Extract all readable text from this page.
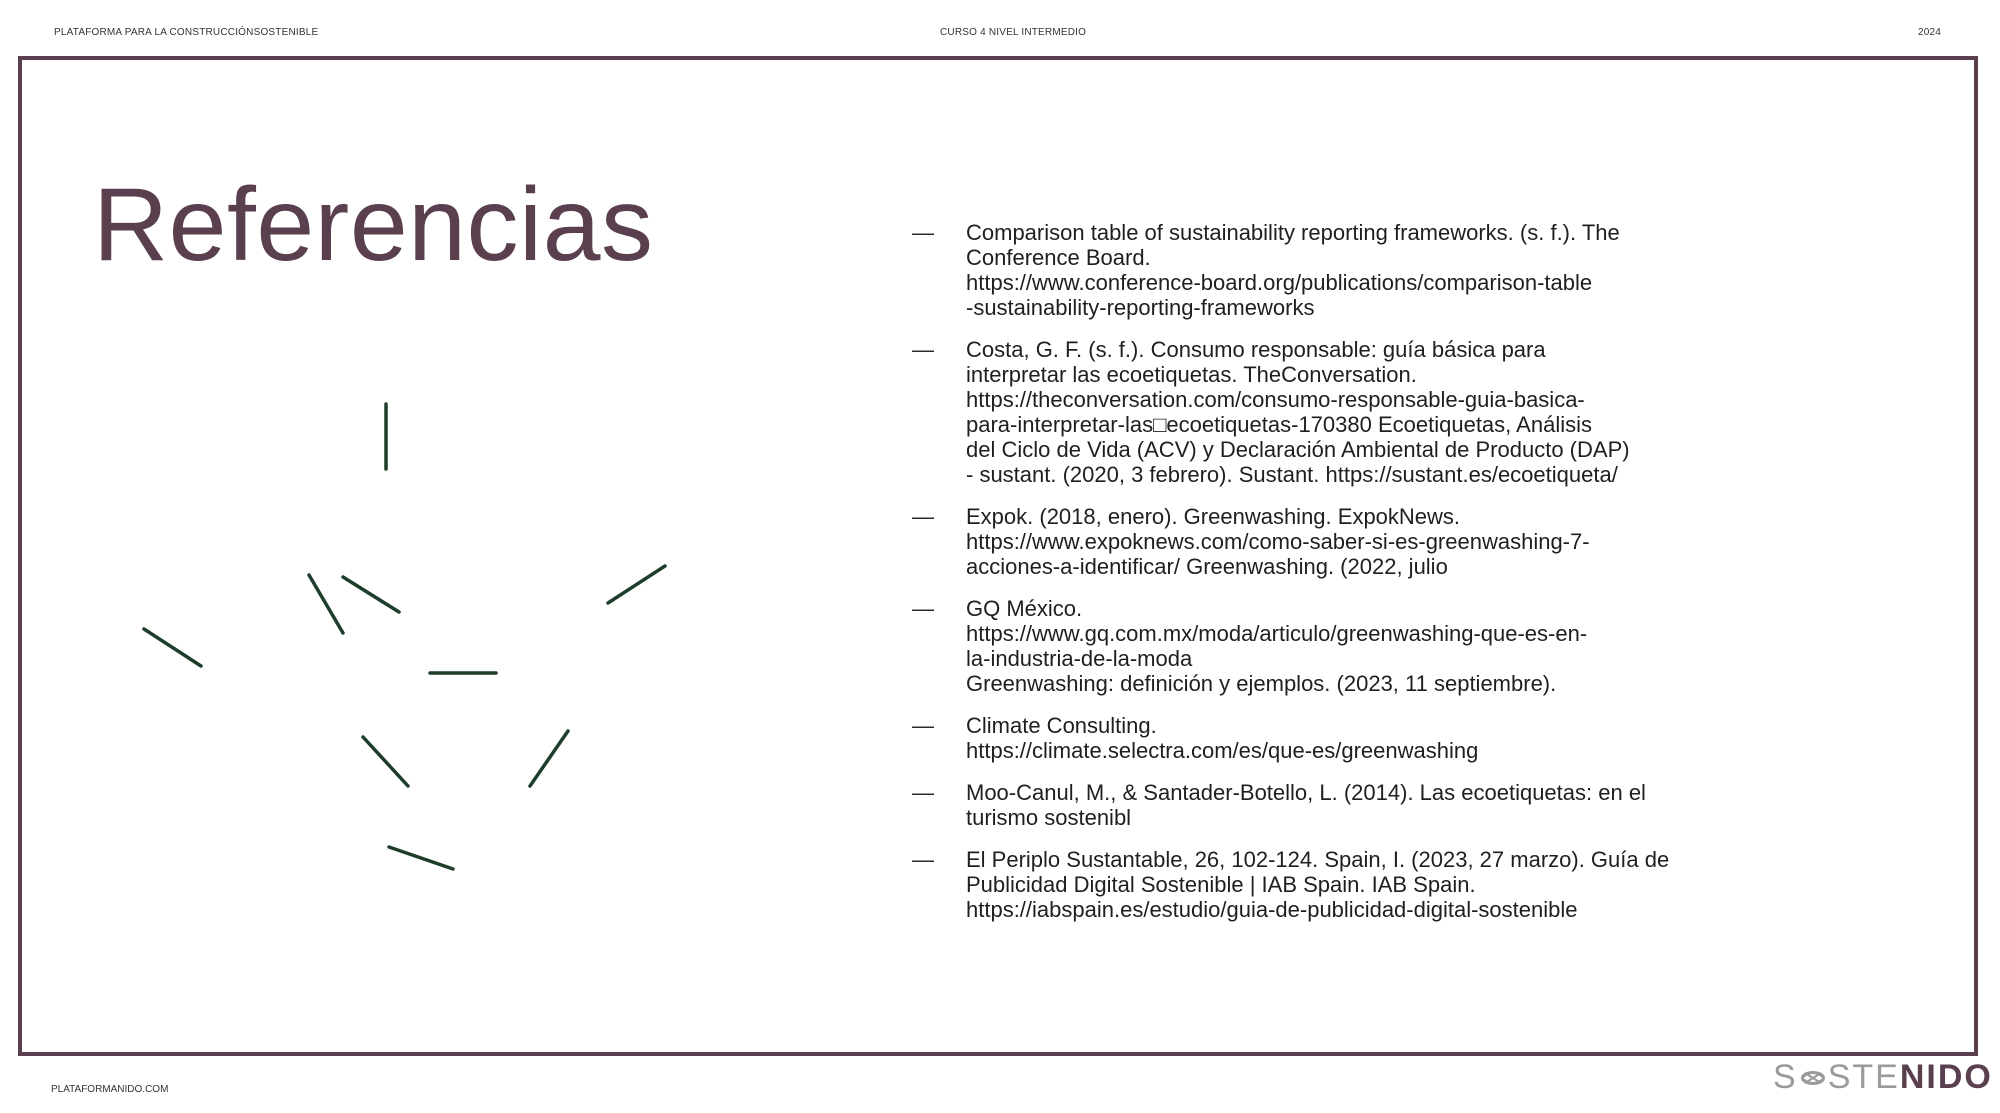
PLATAFORMA PARA LA CONSTRUCCIÓNSOSTENIBLE	CURSO 4 NIVEL INTERMEDIO	2024
Referencias	—	Comparison table of sustainability reporting frameworks. (s. f.). The
Conference Board.
https://www.conference-board.org/publications/comparison-table
-sustainability-reporting-frameworks
—	Costa, G. F. (s. f.). Consumo responsable: guía básica para
interpretar las ecoetiquetas. TheConversation.
https://theconversation.com/consumo-responsable-guia-basica-
para-interpretar-las□ecoetiquetas-170380 Ecoetiquetas, Análisis
del Ciclo de Vida (ACV) y Declaración Ambiental de Producto (DAP)
- sustant. (2020, 3 febrero). Sustant. https://sustant.es/ecoetiqueta/
—	Expok. (2018, enero). Greenwashing. ExpokNews.
https://www.expoknews.com/como-saber-si-es-greenwashing-7-
acciones-a-identificar/ Greenwashing. (2022, julio
—	GQ México.
https://www.gq.com.mx/moda/articulo/greenwashing-que-es-en-
la-industria-de-la-moda
Greenwashing: definición y ejemplos. (2023, 11 septiembre).
—	Climate Consulting.
https://climate.selectra.com/es/que-es/greenwashing
—	Moo-Canul, M., & Santader-Botello, L. (2014). Las ecoetiquetas: en el
turismo sostenibl
—	El Periplo Sustantable, 26, 102-124. Spain, I. (2023, 27 marzo). Guía de
Publicidad Digital Sostenible | IAB Spain. IAB Spain.
https://iabspain.es/estudio/guia-de-publicidad-digital-sostenible
PLATAFORMANIDO.COM	S STENIDO
